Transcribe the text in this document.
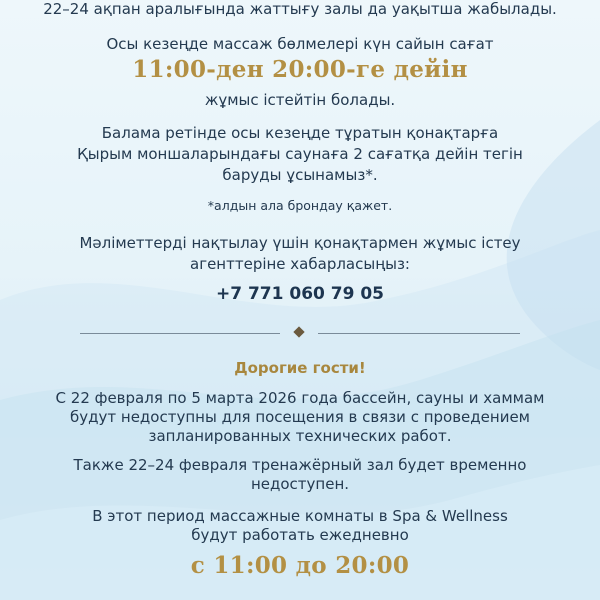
22–24 ақпан аралығында жаттығу залы да уақытша жабылады.
Осы кезеңде массаж бөлмелері күн сайын сағат
11:00-ден 20:00-ге дейін
жұмыс істейтін болады.
Балама ретінде осы кезеңде тұратын қонақтарға
Қырым моншаларындағы саунаға 2 сағатқа дейін тегін
баруды ұсынамыз*.
*алдын ала брондау қажет.
Мәліметтерді нақтылау үшін қонақтармен жұмыс істеу
агенттеріне хабарласыңыз:
+7 771 060 79 05
Дорогие гости!
С 22 февраля по 5 марта 2026 года бассейн, сауны и хаммам
будут недоступны для посещения в связи с проведением
запланированных технических работ.
Также 22–24 февраля тренажёрный зал будет временно
недоступен.
В этот период массажные комнаты в Spa & Wellness
будут работать ежедневно
с 11:00 до 20:00
